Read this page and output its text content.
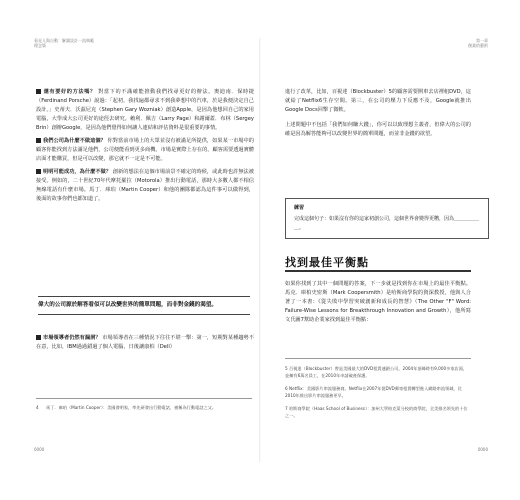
看見人與自動：解讀設計一流典範
理念篇

還有要好的方法嗎？ 對當下的不滿確能推動我們找尋更好的辦法。奧迪南．保時捷（Ferdinand Porsche）說過：「起初，我找遍都尋求不到我夢想中的汽車，於是我便決定自己設計。」史蒂夫．沃茲尼克（Stephen Gary Wozniak）創造Apple，是因為他想回自己的家用電腦，大學成大公司更好的途徑去研究。賴利．佩吉（Larry Page）和謝爾蓋．布林（Sergey Brin）創辦Google，是因為他們覺得如何讓人連結和評估資料是很重要的事情。

我們公司為什麼不做這個？ 你對當前市場上的大眾並沒有被滿足所提供，如果某一市場中的顧客你能找到方法滿足他們，公司便能看到更多商機。市場是實際上存在的，顧客需要透過實體店面才能購買，但是可以改變，那它就不一定是不可能。

明明可能成功，為什麼不做？ 創新的想法在這個市場前景不確定的時候，或此時也許無法被接受。例如的，二十世紀70年代摩托羅拉（Motorola）推出行動電話，那時大多數人都不相信無線電話有什麼市場。馬丁．庫珀（Martin Cooper）和他的團隊都認為這件事可以做得到，後面的故事你們也都知道了。

偉大的公司源於解答看似可以改變世界的簡單問題，而非對金錢的渴望。

市場領導者仍然有漏洞？ 市場領導者在三種情況下往往不堪一擊：第一，短期對某種趨勢不在意，比如，IBM過過錯過了個人電腦，日後讓康柏（Dell）

4 馬丁．庫珀（Martin Cooper）：美國發明家，率先研發出行動電話，被稱為行動電話之父。
0000
第一章
創業的藝術

進行了改革，比如，百視達（Blockbuster）5的顧客需要開車去店裡租DVD，這就給了Netflix6生存空間。第三，在公司的壓力下反應不及，Google就推出Google Docs回擊了微軟。

上述問題中不包括「我們如何賺大錢」，你可以以致理想主義者，但偉大的公司的確是因為解答能夠可以改變世界的簡單問題，而並非金錢的欲望。

練習
完成這個句子：如果沒有你的這家初創公司，這個世界會變得更糟，因為＿＿＿＿＿＿。
找到最佳平衡點

如果你找到了其中一個問題的答案，下一步就是找到你在市場上的最佳平衡點。馬克．庫柏史密斯（Mark Coopersmith）是哈斯商學院的資深教授，他與人合著了一本書：《從失敗中學習突破創新和成長的智慧》（The Other "F" Word: Failure-Wise Lessons for Breakthrough Innovation and Growth），他所寫文氏圖7幫助企業家找到最佳平衡點：

5 百視達（Blockbuster）曾是美國最大的DVD租賃連鎖公司，2004年頂峰時有9,000多家店面，並擁有6萬名員工，在2010年申請破產保護。
6 Netflix：美國影片串流服務商。Netflix在2007年從DVD郵寄租賃轉型進入網路串流領域，比2010年推出影片串流服務更早。
7 哈斯商學院（Haas School of Business）：加州大學柏克萊分校的商學院，全美排名領先的十位之一。
0000
